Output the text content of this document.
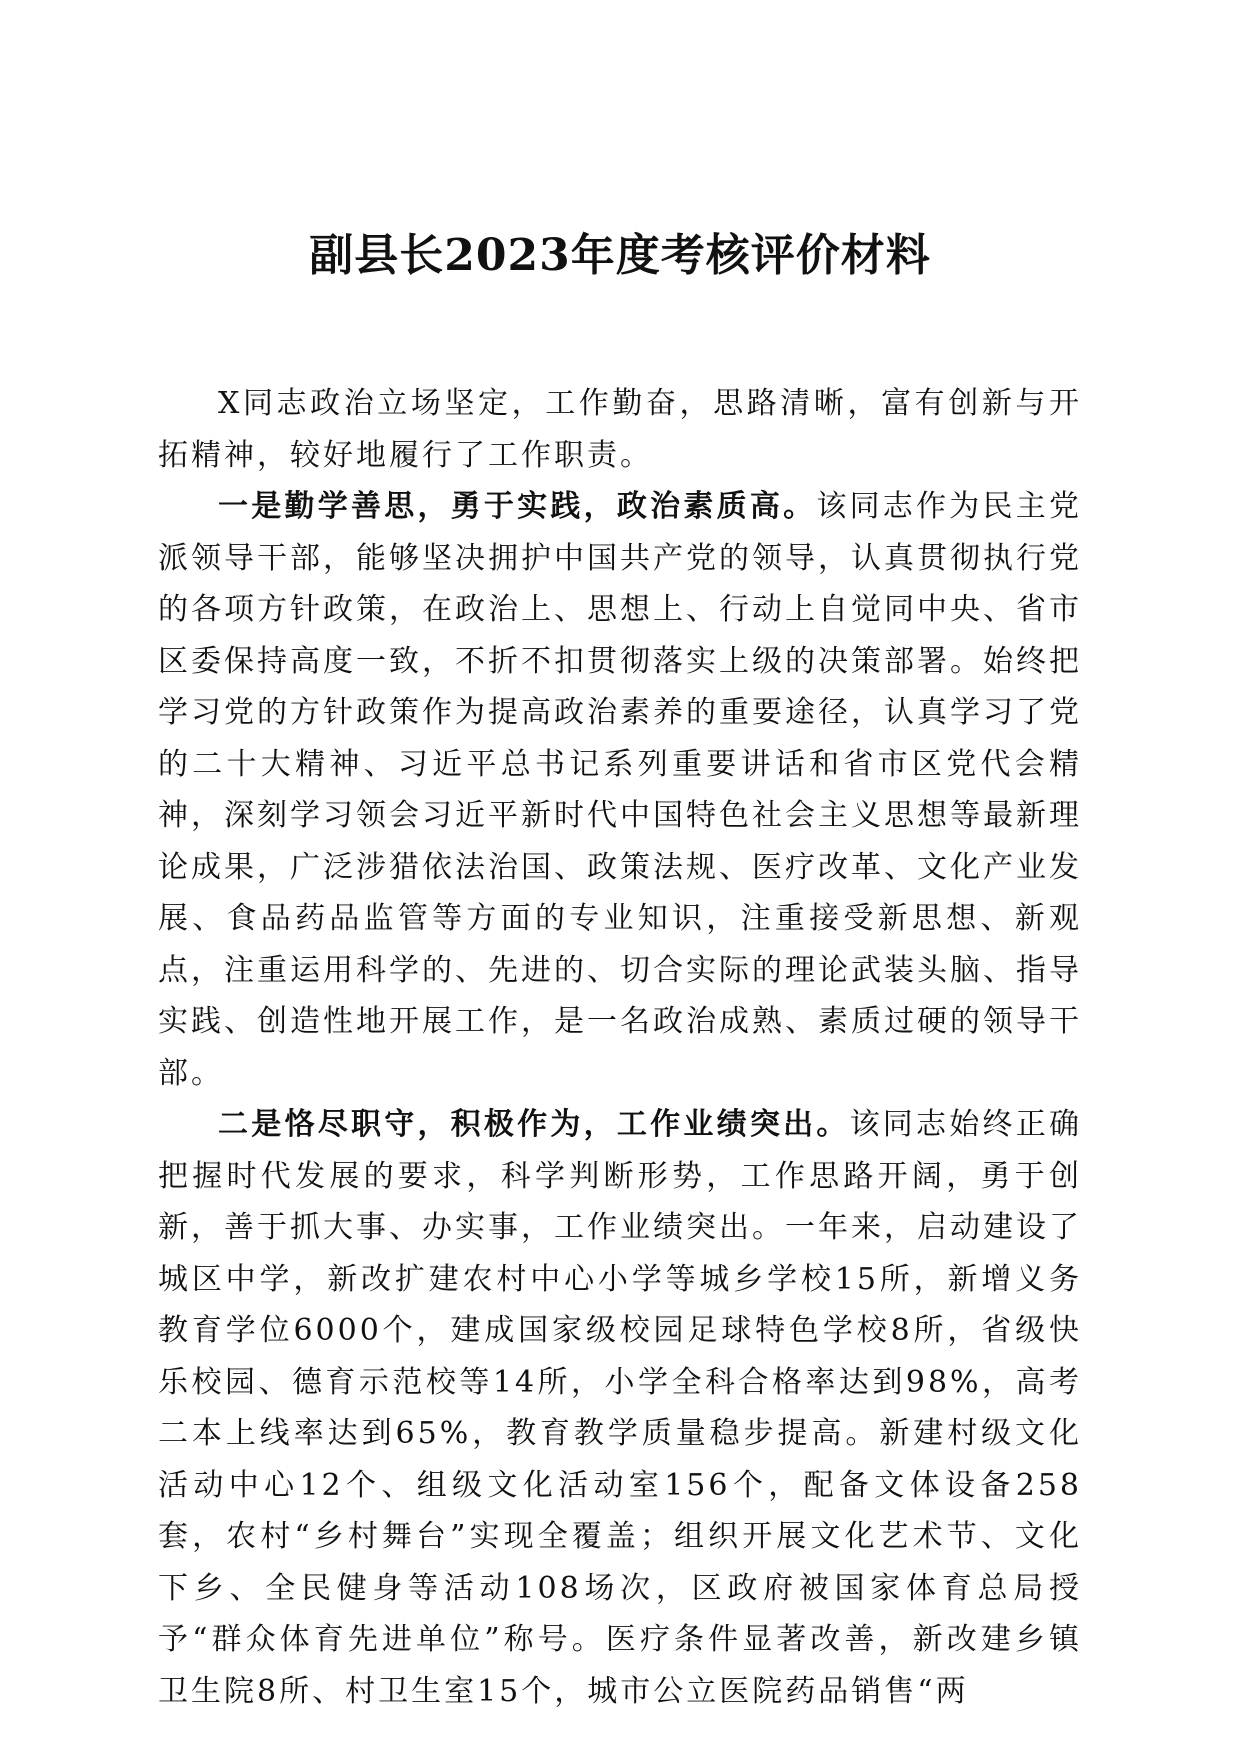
副县长2023年度考核评价材料

X同志政治立场坚定，工作勤奋，思路清晰，富有创新与开拓精神，较好地履行了工作职责。

一是勤学善思，勇于实践，政治素质高。该同志作为民主党派领导干部，能够坚决拥护中国共产党的领导，认真贯彻执行党的各项方针政策，在政治上、思想上、行动上自觉同中央、省市区委保持高度一致，不折不扣贯彻落实上级的决策部署。始终把学习党的方针政策作为提高政治素养的重要途径，认真学习了党的二十大精神、习近平总书记系列重要讲话和省市区党代会精神，深刻学习领会习近平新时代中国特色社会主义思想等最新理论成果，广泛涉猎依法治国、政策法规、医疗改革、文化产业发展、食品药品监管等方面的专业知识，注重接受新思想、新观点，注重运用科学的、先进的、切合实际的理论武装头脑、指导实践、创造性地开展工作，是一名政治成熟、素质过硬的领导干部。

二是恪尽职守，积极作为，工作业绩突出。该同志始终正确把握时代发展的要求，科学判断形势，工作思路开阔，勇于创新，善于抓大事、办实事，工作业绩突出。一年来，启动建设了城区中学，新改扩建农村中心小学等城乡学校15所，新增义务教育学位6000个，建成国家级校园足球特色学校8所，省级快乐校园、德育示范校等14所，小学全科合格率达到98%，高考二本上线率达到65%，教育教学质量稳步提高。新建村级文化活动中心12个、组级文化活动室156个，配备文体设备258套，农村“乡村舞台”实现全覆盖；组织开展文化艺术节、文化下乡、全民健身等活动108场次，区政府被国家体育总局授予“群众体育先进单位”称号。医疗条件显著改善，新改建乡镇卫生院8所、村卫生室15个，城市公立医院药品销售“两
